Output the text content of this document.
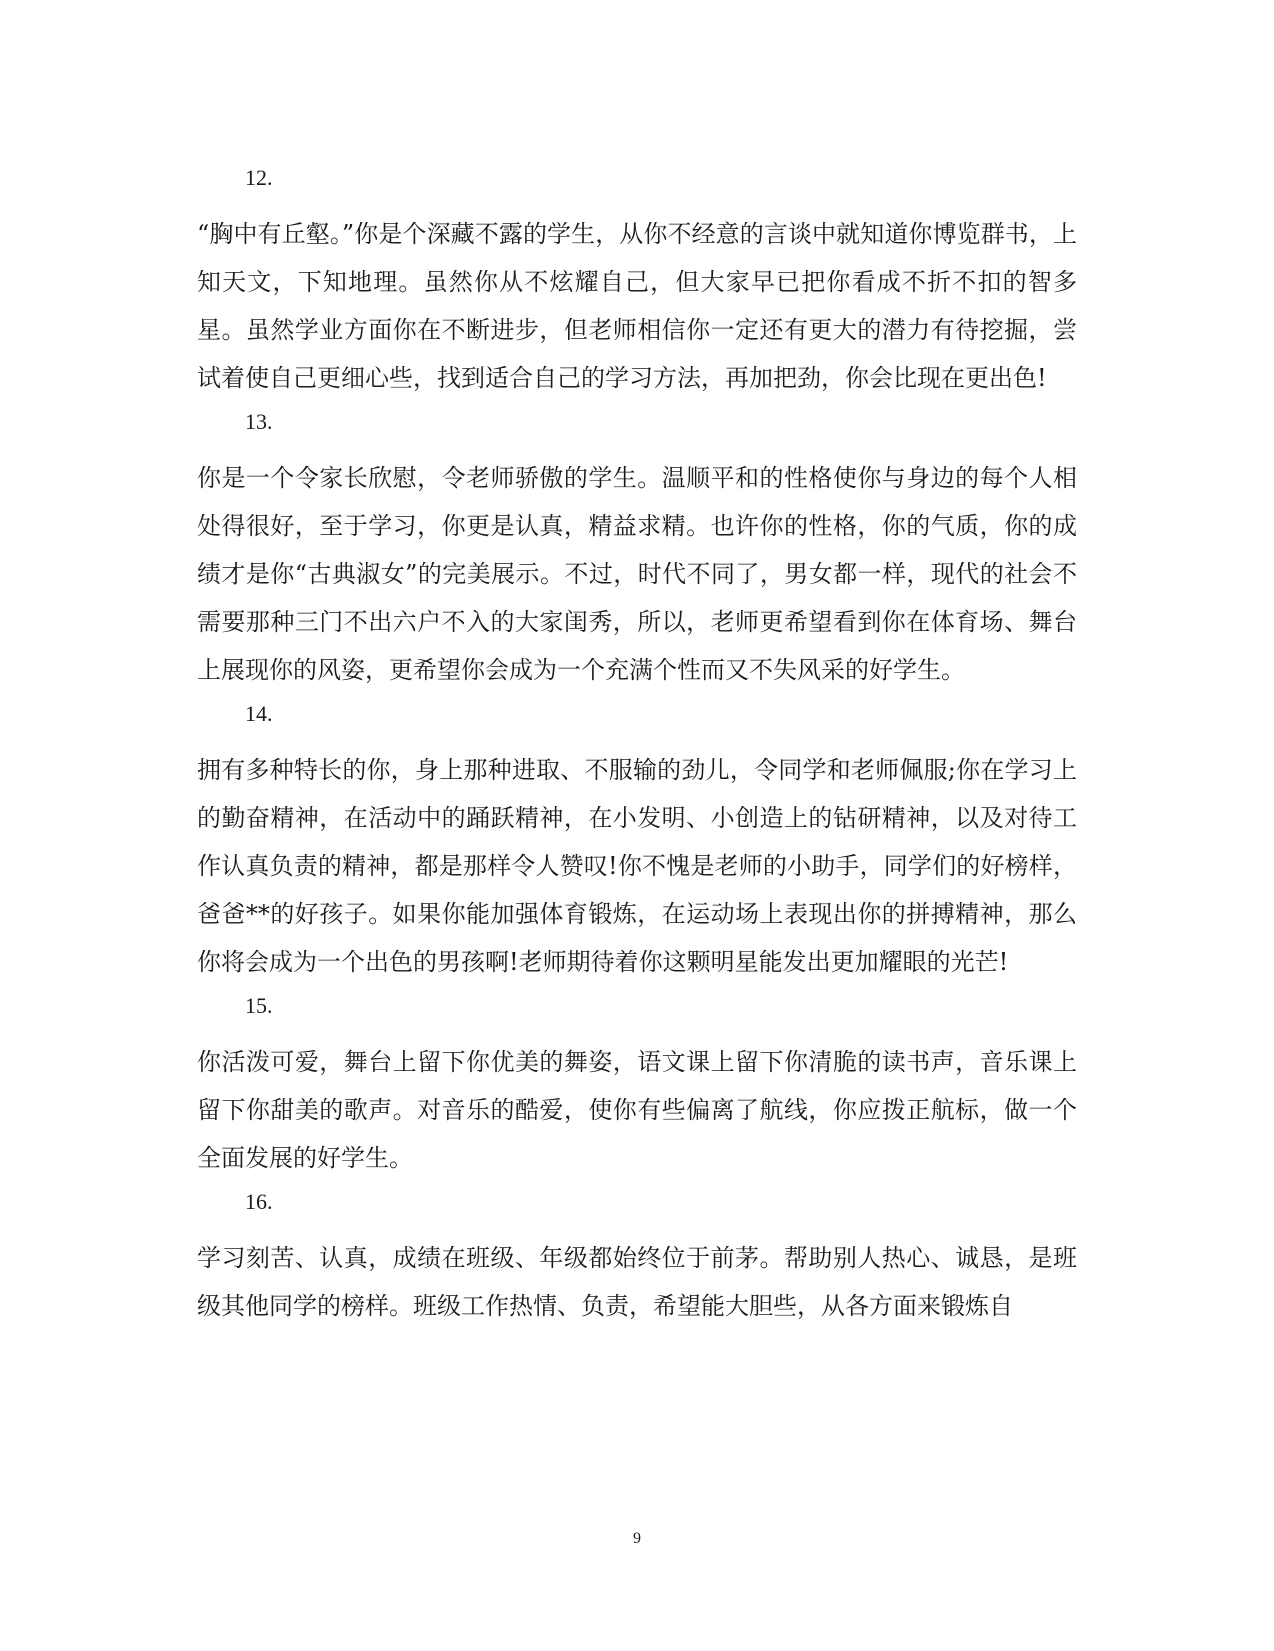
12.

“胸中有丘壑。”你是个深藏不露的学生，从你不经意的言谈中就知道你博览群书，上知天文，下知地理。虽然你从不炫耀自己，但大家早已把你看成不折不扣的智多星。虽然学业方面你在不断进步，但老师相信你一定还有更大的潜力有待挖掘，尝试着使自己更细心些，找到适合自己的学习方法，再加把劲，你会比现在更出色!

13.

你是一个令家长欣慰，令老师骄傲的学生。温顺平和的性格使你与身边的每个人相处得很好，至于学习，你更是认真，精益求精。也许你的性格，你的气质，你的成绩才是你“古典淑女”的完美展示。不过，时代不同了，男女都一样，现代的社会不需要那种三门不出六户不入的大家闺秀，所以，老师更希望看到你在体育场、舞台上展现你的风姿，更希望你会成为一个充满个性而又不失风采的好学生。

14.

拥有多种特长的你，身上那种进取、不服输的劲儿，令同学和老师佩服;你在学习上的勤奋精神，在活动中的踊跃精神，在小发明、小创造上的钻研精神，以及对待工作认真负责的精神，都是那样令人赞叹!你不愧是老师的小助手，同学们的好榜样，爸爸**的好孩子。如果你能加强体育锻炼，在运动场上表现出你的拼搏精神，那么你将会成为一个出色的男孩啊!老师期待着你这颗明星能发出更加耀眼的光芒!

15.

你活泼可爱，舞台上留下你优美的舞姿，语文课上留下你清脆的读书声，音乐课上留下你甜美的歌声。对音乐的酷爱，使你有些偏离了航线，你应拨正航标，做一个全面发展的好学生。

16.

学习刻苦、认真，成绩在班级、年级都始终位于前茅。帮助别人热心、诚恳，是班级其他同学的榜样。班级工作热情、负责，希望能大胆些，从各方面来锻炼自

9
